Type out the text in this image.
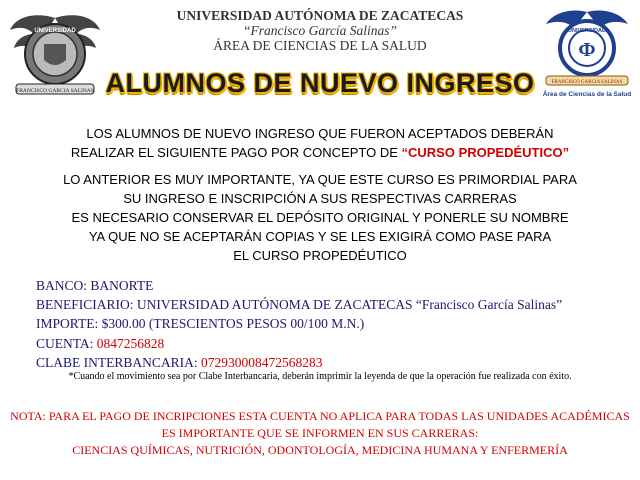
UNIVERSIDAD
FRANCISCO GARCIA SALINAS
UNIVERSIDAD AUTÓNOMA DE ZACATECAS
“Francisco García Salinas”
ÁREA DE CIENCIAS DE LA SALUD
UNIVERSIDAD
Ф
FRANCISCO GARCIA SALINAS
Área de Ciencias de la Salud
ALUMNOS DE NUEVO INGRESO
LOS ALUMNOS DE NUEVO INGRESO QUE FUERON ACEPTADOS DEBERÁN
REALIZAR EL SIGUIENTE PAGO POR CONCEPTO DE “CURSO PROPEDÉUTICO”
LO ANTERIOR ES MUY IMPORTANTE, YA QUE ESTE CURSO ES PRIMORDIAL PARA
SU INGRESO E INSCRIPCIÓN A SUS RESPECTIVAS CARRERAS
ES NECESARIO CONSERVAR EL DEPÓSITO ORIGINAL Y PONERLE SU NOMBRE
YA QUE NO SE ACEPTARÁN COPIAS Y SE LES EXIGIRÁ COMO PASE PARA
EL CURSO PROPEDÉUTICO
BANCO: BANORTE
BENEFICIARIO: UNIVERSIDAD AUTÓNOMA DE ZACATECAS “Francisco García Salinas”
IMPORTE: $300.00 (TRESCIENTOS PESOS 00/100 M.N.)
CUENTA: 0847256828
CLABE INTERBANCARIA: 072930008472568283
*Cuando el movimiento sea por Clabe Interbancaria, deberán imprimir la leyenda de que la operación fue realizada con éxito.
NOTA: PARA EL PAGO DE INCRIPCIONES ESTA CUENTA NO APLICA PARA TODAS LAS UNIDADES ACADÉMICAS
ES IMPORTANTE QUE SE INFORMEN EN SUS CARRERAS:
CIENCIAS QUÍMICAS, NUTRICIÓN, ODONTOLOGÍA, MEDICINA HUMANA Y ENFERMERÍA
